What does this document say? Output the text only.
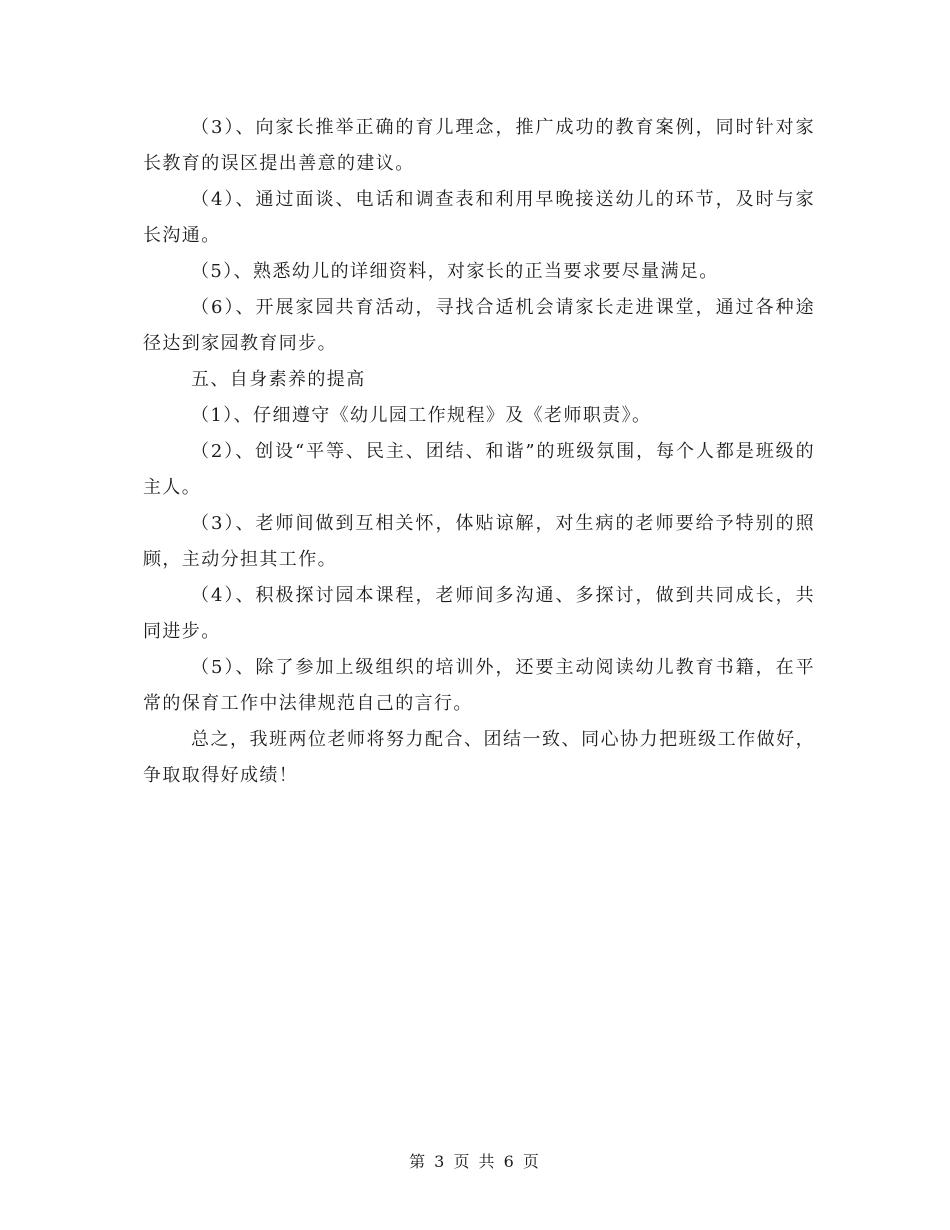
（3）、向家长推举正确的育儿理念，推广成功的教育案例，同时针对家长教育的误区提出善意的建议。

（4）、通过面谈、电话和调查表和利用早晚接送幼儿的环节，及时与家长沟通。

（5）、熟悉幼儿的详细资料，对家长的正当要求要尽量满足。

（6）、开展家园共育活动，寻找合适机会请家长走进课堂，通过各种途径达到家园教育同步。

五、自身素养的提高

（1）、仔细遵守《幼儿园工作规程》及《老师职责》。

（2）、创设“平等、民主、团结、和谐”的班级氛围，每个人都是班级的主人。

（3）、老师间做到互相关怀，体贴谅解，对生病的老师要给予特别的照顾，主动分担其工作。

（4）、积极探讨园本课程，老师间多沟通、多探讨，做到共同成长，共同进步。

（5）、除了参加上级组织的培训外，还要主动阅读幼儿教育书籍，在平常的保育工作中法律规范自己的言行。

总之，我班两位老师将努力配合、团结一致、同心协力把班级工作做好，争取取得好成绩！

第 3 页 共 6 页
